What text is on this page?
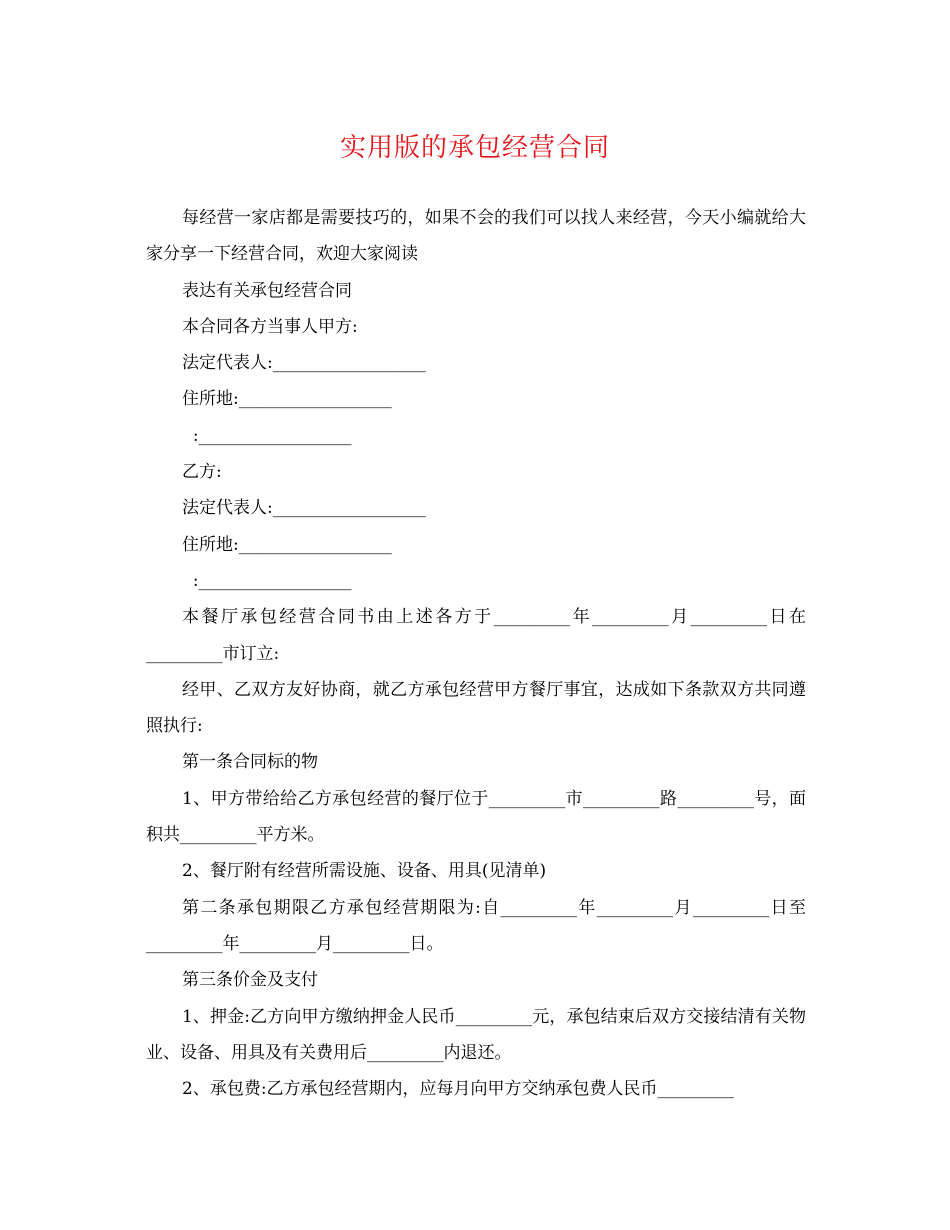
实用版的承包经营合同

每经营一家店都是需要技巧的，如果不会的我们可以找人来经营，今天小编就给大家分享一下经营合同，欢迎大家阅读

表达有关承包经营合同

本合同各方当事人甲方:

法定代表人:__________________

住所地:__________________

:__________________

乙方:

法定代表人:__________________

住所地:__________________

:__________________

本餐厅承包经营合同书由上述各方于_________年_________月_________日在_________市订立:

经甲、乙双方友好协商，就乙方承包经营甲方餐厅事宜，达成如下条款双方共同遵照执行:

第一条合同标的物

1、甲方带给给乙方承包经营的餐厅位于_________市_________路_________号，面积共_________平方米。

2、餐厅附有经营所需设施、设备、用具(见清单)

第二条承包期限乙方承包经营期限为:自_________年_________月_________日至_________年_________月_________日。

第三条价金及支付

1、押金:乙方向甲方缴纳押金人民币_________元，承包结束后双方交接结清有关物业、设备、用具及有关费用后_________内退还。

2、承包费:乙方承包经营期内，应每月向甲方交纳承包费人民币_________
